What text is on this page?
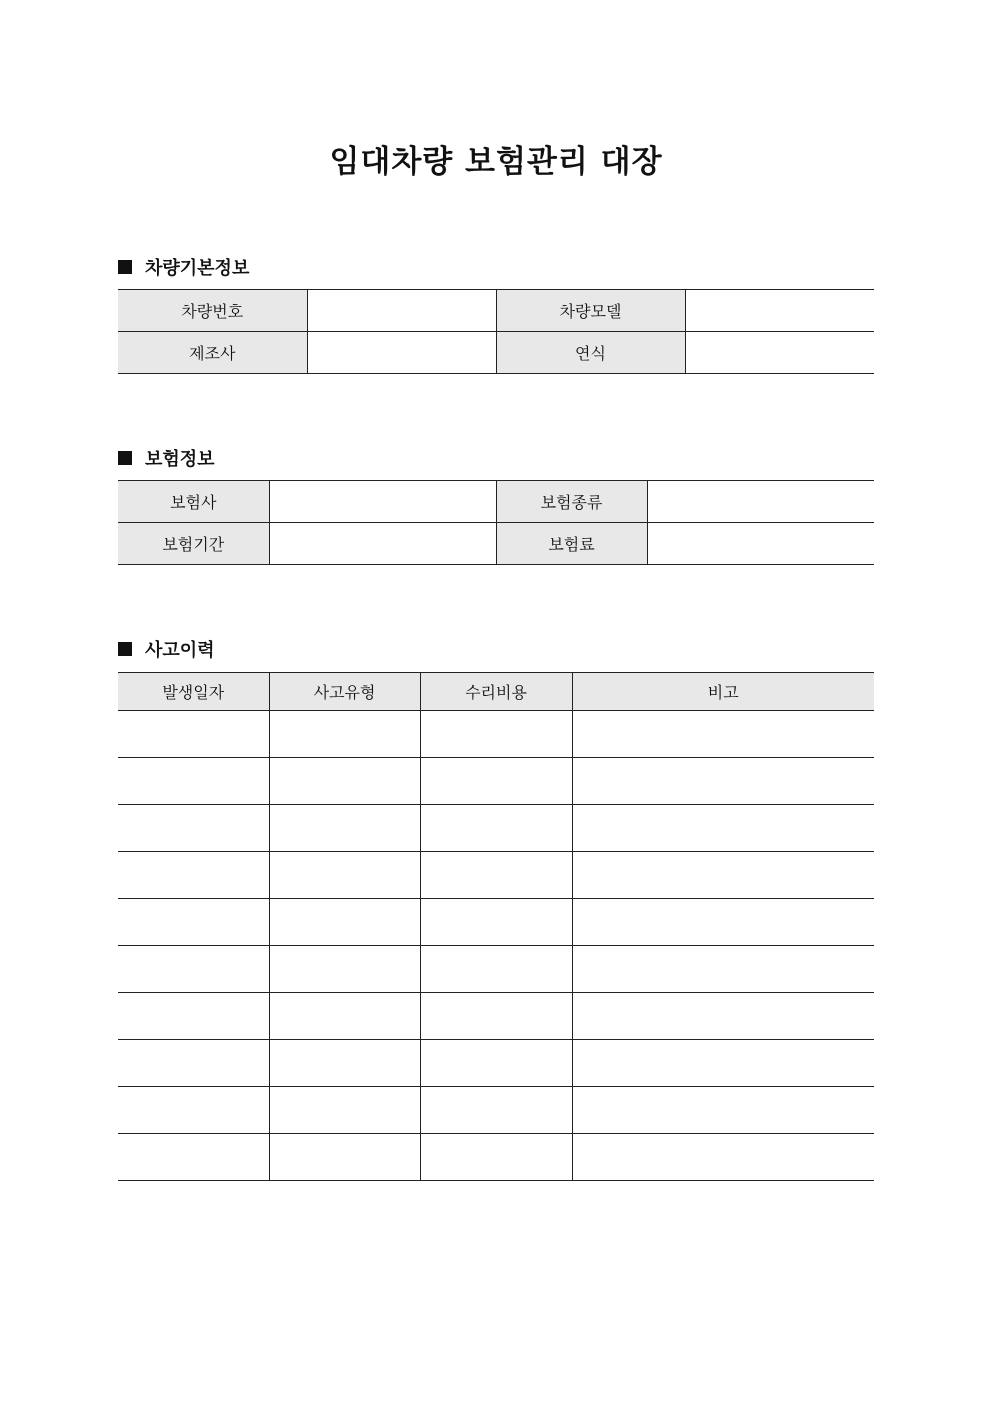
임대차량 보험관리 대장
차량기본정보
차량번호		차량모델	
제조사		연식	
보험정보
보험사		보험종류	
보험기간		보험료	
사고이력
발생일자	사고유형	수리비용	비고
